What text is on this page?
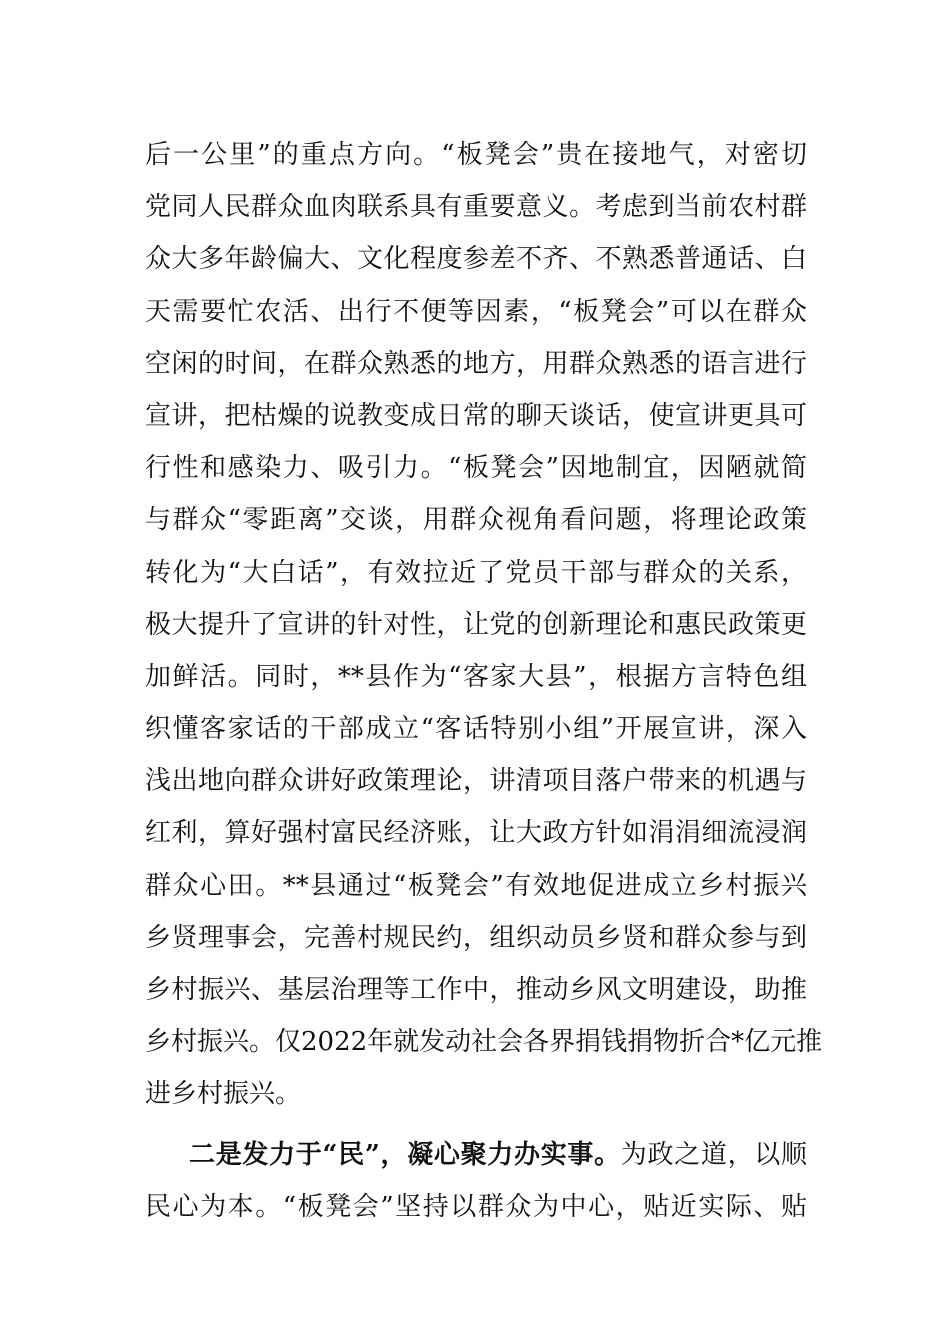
后一公里”的重点方向。“板凳会”贵在接地气，对密切
党同人民群众血肉联系具有重要意义。考虑到当前农村群
众大多年龄偏大、文化程度参差不齐、不熟悉普通话、白
天需要忙农活、出行不便等因素，“板凳会”可以在群众
空闲的时间，在群众熟悉的地方，用群众熟悉的语言进行
宣讲，把枯燥的说教变成日常的聊天谈话，使宣讲更具可
行性和感染力、吸引力。“板凳会”因地制宜，因陋就简
与群众“零距离”交谈，用群众视角看问题，将理论政策
转化为“大白话”，有效拉近了党员干部与群众的关系，
极大提升了宣讲的针对性，让党的创新理论和惠民政策更
加鲜活。同时，**县作为“客家大县”，根据方言特色组
织懂客家话的干部成立“客话特别小组”开展宣讲，深入
浅出地向群众讲好政策理论，讲清项目落户带来的机遇与
红利，算好强村富民经济账，让大政方针如涓涓细流浸润
群众心田。**县通过“板凳会”有效地促进成立乡村振兴
乡贤理事会，完善村规民约，组织动员乡贤和群众参与到
乡村振兴、基层治理等工作中，推动乡风文明建设，助推
乡村振兴。仅2022年就发动社会各界捐钱捐物折合*亿元推
进乡村振兴。
二是发力于“民”，凝心聚力办实事。为政之道，以顺
民心为本。“板凳会”坚持以群众为中心，贴近实际、贴
